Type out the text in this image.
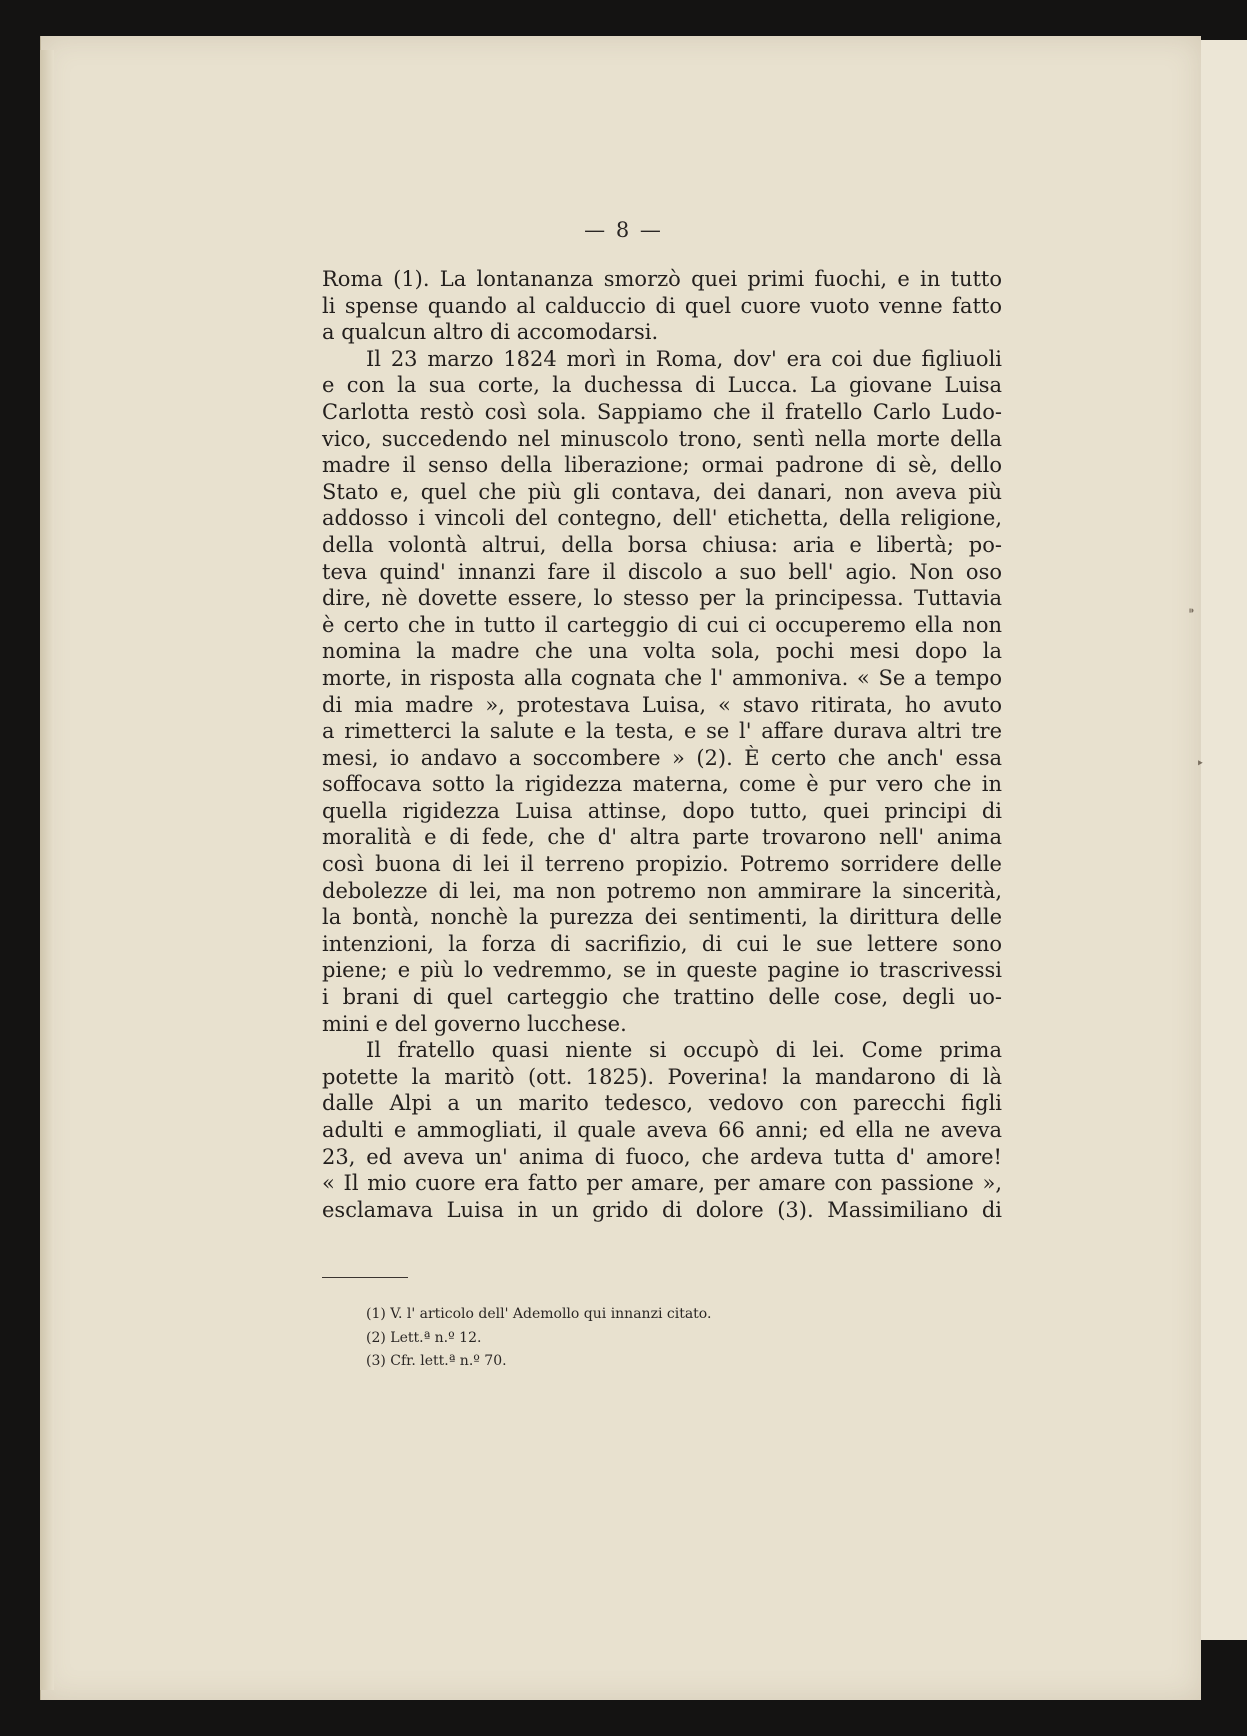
— 8 —
Roma (1). La lontananza smorzò quei primi fuochi, e in tutto
li spense quando al calduccio di quel cuore vuoto venne fatto
a qualcun altro di accomodarsi.
Il 23 marzo 1824 morì in Roma, dov' era coi due figliuoli
e con la sua corte, la duchessa di Lucca. La giovane Luisa
Carlotta restò così sola. Sappiamo che il fratello Carlo Ludo-
vico, succedendo nel minuscolo trono, sentì nella morte della
madre il senso della liberazione; ormai padrone di sè, dello
Stato e, quel che più gli contava, dei danari, non aveva più
addosso i vincoli del contegno, dell' etichetta, della religione,
della volontà altrui, della borsa chiusa: aria e libertà; po-
teva quind' innanzi fare il discolo a suo bell' agio. Non oso
dire, nè dovette essere, lo stesso per la principessa. Tuttavia
è certo che in tutto il carteggio di cui ci occuperemo ella non
nomina la madre che una volta sola, pochi mesi dopo la
morte, in risposta alla cognata che l' ammoniva. « Se a tempo
di mia madre », protestava Luisa, « stavo ritirata, ho avuto
a rimetterci la salute e la testa, e se l' affare durava altri tre
mesi, io andavo a soccombere » (2). È certo che anch' essa
soffocava sotto la rigidezza materna, come è pur vero che in
quella rigidezza Luisa attinse, dopo tutto, quei principi di
moralità e di fede, che d' altra parte trovarono nell' anima
così buona di lei il terreno propizio. Potremo sorridere delle
debolezze di lei, ma non potremo non ammirare la sincerità,
la bontà, nonchè la purezza dei sentimenti, la dirittura delle
intenzioni, la forza di sacrifizio, di cui le sue lettere sono
piene; e più lo vedremmo, se in queste pagine io trascrivessi
i brani di quel carteggio che trattino delle cose, degli uo-
mini e del governo lucchese.
Il fratello quasi niente si occupò di lei. Come prima
potette la maritò (ott. 1825). Poverina! la mandarono di là
dalle Alpi a un marito tedesco, vedovo con parecchi figli
adulti e ammogliati, il quale aveva 66 anni; ed ella ne aveva
23, ed aveva un' anima di fuoco, che ardeva tutta d' amore!
« Il mio cuore era fatto per amare, per amare con passione »,
esclamava Luisa in un grido di dolore (3). Massimiliano di
(1) V. l' articolo dell' Ademollo qui innanzi citato.
(2) Lett.ª n.º 12.
(3) Cfr. lett.ª n.º 70.
⁍
‣
